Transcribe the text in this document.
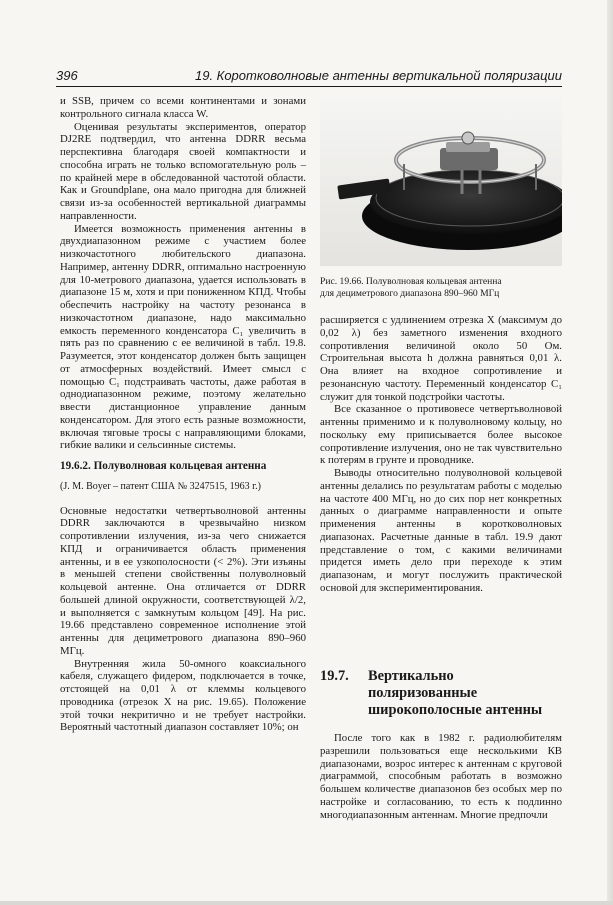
396	19. Коротковолновые антенны вертикальной поляризации

и SSB, причем со всеми континентами и зонами контрольного сигнала класса W.

Оценивая результаты экспериментов, оператор DJ2RE подтвердил, что антенна DDRR весьма перспективна благодаря своей компактности и способна играть не только вспомогательную роль – по крайней мере в обследованной частотой области. Как и Groundplane, она мало пригодна для ближней связи из-за особенностей вертикальной диаграммы направленности.

Имеется возможность применения антенны в двухдиапазонном режиме с участием более низкочастотного любительского диапазона. Например, антенну DDRR, оптимально настроенную для 10-метрового диапазона, удается использовать в диапазоне 15 м, хотя и при пониженном КПД. Чтобы обеспечить настройку на частоту резонанса в низкочастотном диапазоне, надо максимально емкость переменного конденсатора C₁ увеличить в пять раз по сравнению с ее величиной в табл. 19.8. Разумеется, этот конденсатор должен быть защищен от атмосферных воздействий. Имеет смысл с помощью C₁ подстраивать частоты, даже работая в однодиапазонном режиме, поэтому желательно ввести дистанционное управление данным конденсатором. Для этого есть разные возможности, включая тяговые тросы с направляющими блоками, гибкие валики и сельсинные системы.

19.6.2. Полуволновая кольцевая антенна
(J. M. Boyer – патент США № 3247515, 1963 г.)

Основные недостатки четвертьволновой антенны DDRR заключаются в чрезвычайно низком сопротивлении излучения, из-за чего снижается КПД и ограничивается область применения антенны, и в ее узкополосности (< 2%). Эти изъяны в меньшей степени свойственны полуволновый кольцевой антенне. Она отличается от DDRR большей длиной окружности, соответствующей λ/2, и выполняется с замкнутым кольцом [49]. На рис. 19.66 представлено современное исполнение этой антенны для дециметрового диапазона 890–960 МГц.

Внутренняя жила 50-омного коаксиального кабеля, служащего фидером, подключается в точке, отстоящей на 0,01 λ от клеммы кольцевого проводника (отрезок X на рис. 19.65). Положение этой точки некритично и не требует настройки. Вероятный частотный диапазон составляет 10%; он

Рис. 19.66. Полуволновая кольцевая антенна
для дециметрового диапазона 890–960 МГц

расширяется с удлинением отрезка X (максимум до 0,02 λ) без заметного изменения входного сопротивления величиной около 50 Ом. Строительная высота h должна равняться 0,01 λ. Она влияет на входное сопротивление и резонансную частоту. Переменный конденсатор C₁ служит для тонкой подстройки частоты.

Все сказанное о противовесе четвертьволновой антенны применимо и к полуволновому кольцу, но поскольку ему приписывается более высокое сопротивление излучения, оно не так чувствительно к потерям в грунте и проводнике.

Выводы относительно полуволновой кольцевой антенны делались по результатам работы с моделью на частоте 400 МГц, но до сих пор нет конкретных данных о диаграмме направленности и опыте применения антенны в коротковолновых диапазонах. Расчетные данные в табл. 19.9 дают представление о том, с какими величинами придется иметь дело при переходе к этим диапазонам, и могут послужить практической основой для экспериментирования.

19.7. Вертикально поляризованные широкополосные антенны

После того как в 1982 г. радиолюбителям разрешили пользоваться еще несколькими КВ диапазонами, возрос интерес к антеннам с круговой диаграммой, способным работать в возможно большем количестве диапазонов без особых мер по настройке и согласованию, то есть к подлинно многодиапазонным антеннам. Многие предпочли
